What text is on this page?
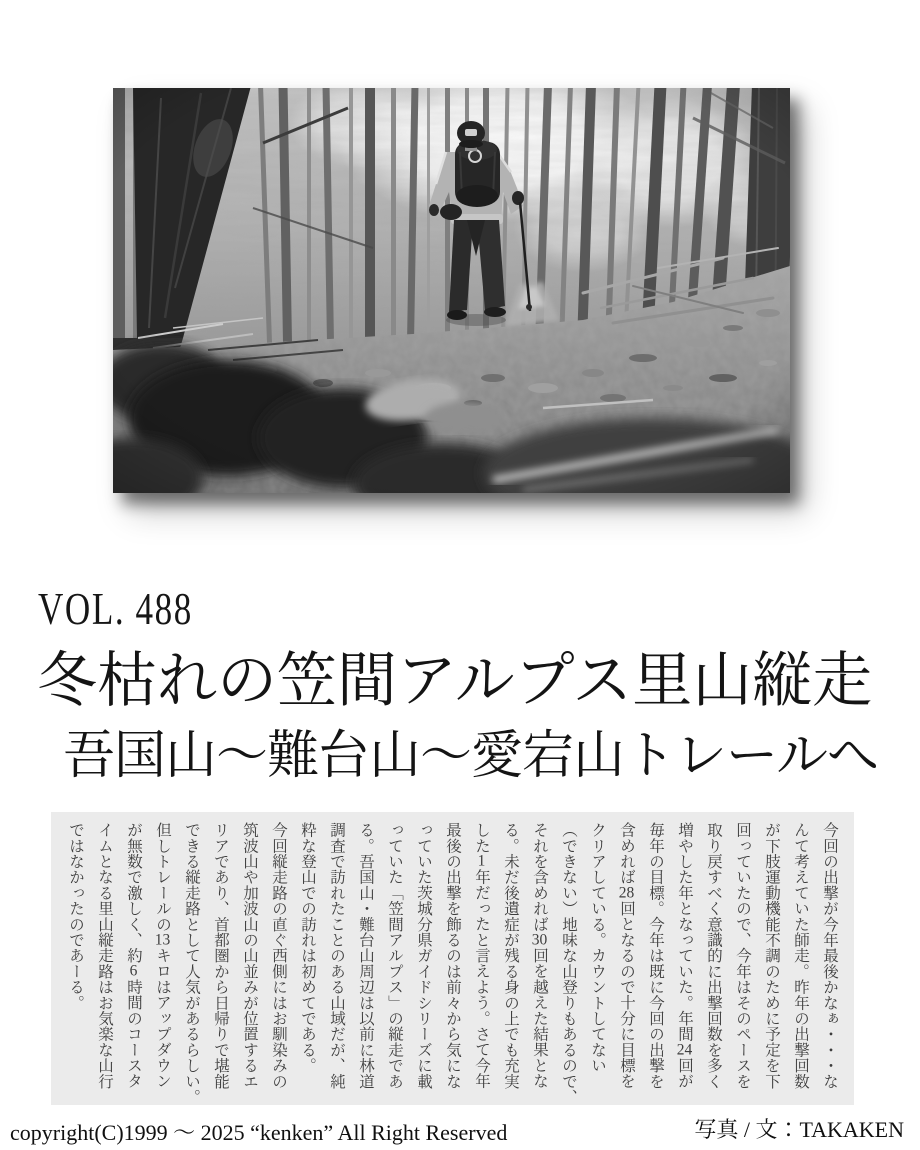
VOL. 488
冬枯れの笠間アルプス里山縦走
吾国山～難台山～愛宕山トレールへ

今回の出撃が今年最後かなぁ・・・な

んて考えていた師走。昨年の出撃回数

が下肢運動機能不調のために予定を下

回っていたので、今年はそのペースを

取り戻すべく意識的に出撃回数を多く

増やした年となっていた。年間24回が

毎年の目標。今年は既に今回の出撃を

含めれば28回となるので十分に目標を

クリアしている。カウントしてない

（できない）地味な山登りもあるので、

それを含めれば30回を越えた結果とな

る。未だ後遺症が残る身の上でも充実

した1年だったと言えよう。さて今年

最後の出撃を飾るのは前々から気にな

っていた茨城分県ガイドシリーズに載

っていた「笠間アルプス」の縦走であ

る。吾国山・難台山周辺は以前に林道

調査で訪れたことのある山域だが、純

粋な登山での訪れは初めてである。

今回縦走路の直ぐ西側にはお馴染みの

筑波山や加波山の山並みが位置するエ

リアであり、首都圏から日帰りで堪能

できる縦走路として人気があるらしい。

但しトレールの13キロはアップダウン

が無数で激しく、約6時間のコースタ

イムとなる里山縦走路はお気楽な山行

ではなかったのであーる。

copyright(C)1999 ～ 2025 “kenken” All Right Reserved	写真 / 文：TAKAKEN
